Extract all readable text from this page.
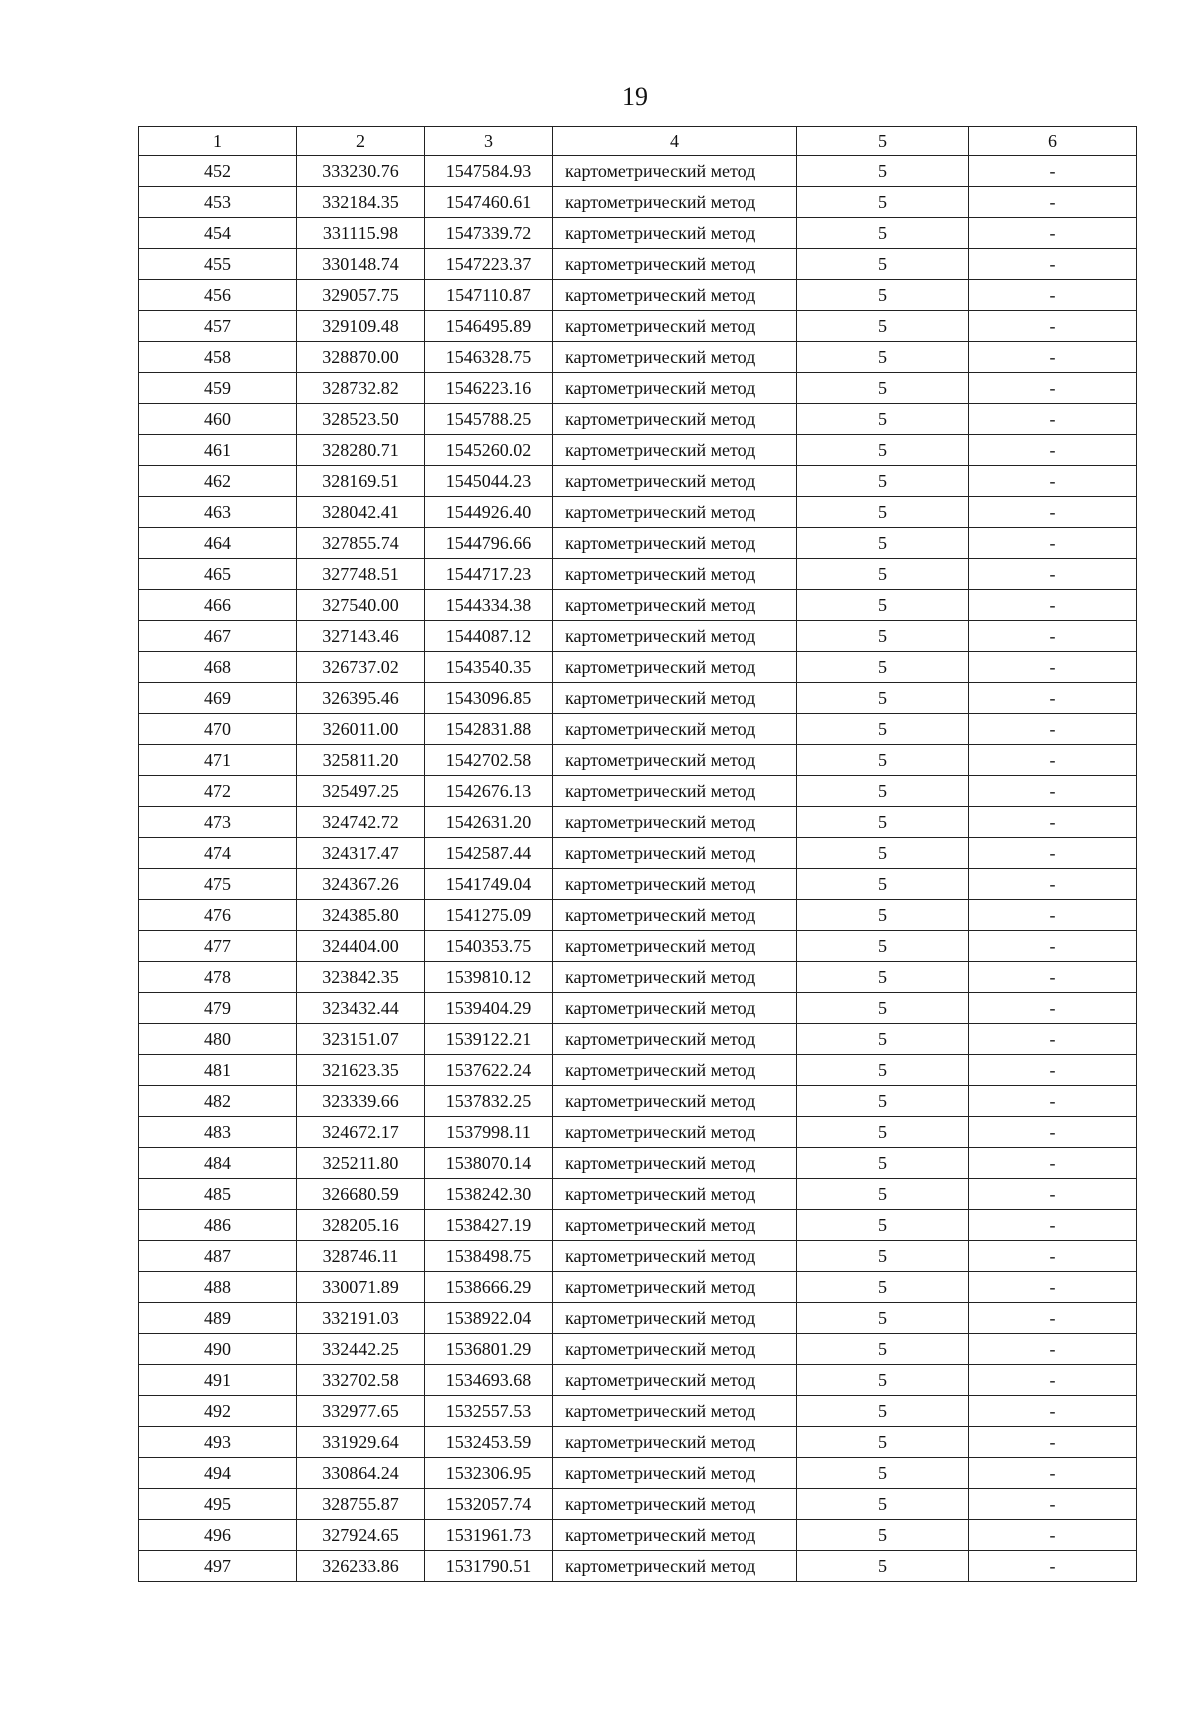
19
1	2	3	4	5	6
452	333230.76	1547584.93	картометрический метод	5	-
453	332184.35	1547460.61	картометрический метод	5	-
454	331115.98	1547339.72	картометрический метод	5	-
455	330148.74	1547223.37	картометрический метод	5	-
456	329057.75	1547110.87	картометрический метод	5	-
457	329109.48	1546495.89	картометрический метод	5	-
458	328870.00	1546328.75	картометрический метод	5	-
459	328732.82	1546223.16	картометрический метод	5	-
460	328523.50	1545788.25	картометрический метод	5	-
461	328280.71	1545260.02	картометрический метод	5	-
462	328169.51	1545044.23	картометрический метод	5	-
463	328042.41	1544926.40	картометрический метод	5	-
464	327855.74	1544796.66	картометрический метод	5	-
465	327748.51	1544717.23	картометрический метод	5	-
466	327540.00	1544334.38	картометрический метод	5	-
467	327143.46	1544087.12	картометрический метод	5	-
468	326737.02	1543540.35	картометрический метод	5	-
469	326395.46	1543096.85	картометрический метод	5	-
470	326011.00	1542831.88	картометрический метод	5	-
471	325811.20	1542702.58	картометрический метод	5	-
472	325497.25	1542676.13	картометрический метод	5	-
473	324742.72	1542631.20	картометрический метод	5	-
474	324317.47	1542587.44	картометрический метод	5	-
475	324367.26	1541749.04	картометрический метод	5	-
476	324385.80	1541275.09	картометрический метод	5	-
477	324404.00	1540353.75	картометрический метод	5	-
478	323842.35	1539810.12	картометрический метод	5	-
479	323432.44	1539404.29	картометрический метод	5	-
480	323151.07	1539122.21	картометрический метод	5	-
481	321623.35	1537622.24	картометрический метод	5	-
482	323339.66	1537832.25	картометрический метод	5	-
483	324672.17	1537998.11	картометрический метод	5	-
484	325211.80	1538070.14	картометрический метод	5	-
485	326680.59	1538242.30	картометрический метод	5	-
486	328205.16	1538427.19	картометрический метод	5	-
487	328746.11	1538498.75	картометрический метод	5	-
488	330071.89	1538666.29	картометрический метод	5	-
489	332191.03	1538922.04	картометрический метод	5	-
490	332442.25	1536801.29	картометрический метод	5	-
491	332702.58	1534693.68	картометрический метод	5	-
492	332977.65	1532557.53	картометрический метод	5	-
493	331929.64	1532453.59	картометрический метод	5	-
494	330864.24	1532306.95	картометрический метод	5	-
495	328755.87	1532057.74	картометрический метод	5	-
496	327924.65	1531961.73	картометрический метод	5	-
497	326233.86	1531790.51	картометрический метод	5	-
